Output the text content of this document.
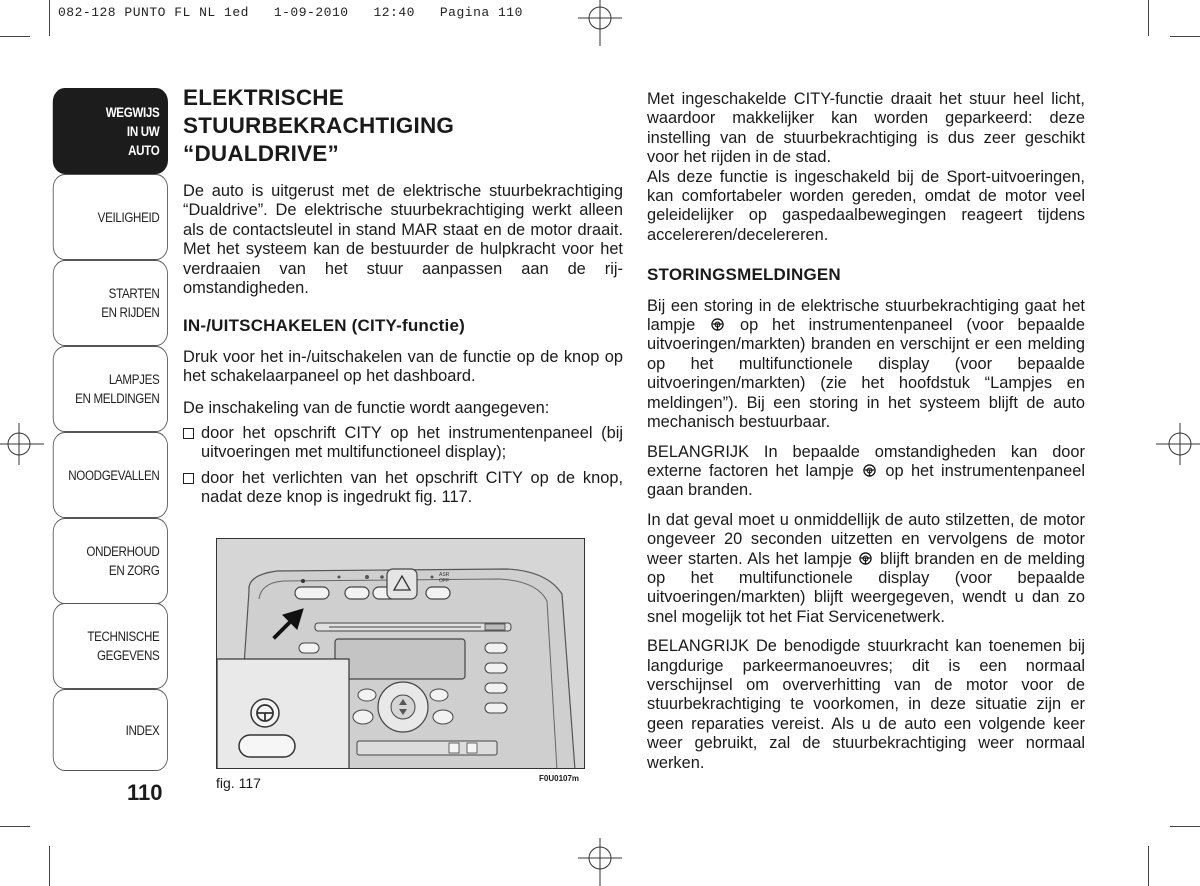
082-128 PUNTO FL NL 1ed   1-09-2010   12:40   Pagina 110
WEGWIJS
IN UW
AUTO
VEILIGHEID
STARTEN
EN RIJDEN
LAMPJES
EN MELDINGEN
NOODGEVALLEN
ONDERHOUD
EN ZORG
TECHNISCHE
GEGEVENS
INDEX
110
ELEKTRISCHE
STUURBEKRACHTIGING
“DUALDRIVE”

De auto is uitgerust met de elektrische stuurbekrachtiging “Dualdrive”. De elektrische stuurbekrachtiging werkt alleen als de contactsleutel in stand MAR staat en de motor draait. Met het systeem kan de bestuurder de hulpkracht voor het verdraaien van het stuur aanpassen aan de rij-omstandigheden.

IN-/UITSCHAKELEN (CITY-functie)

Druk voor het in-/uitschakelen van de functie op de knop op het schakelaarpaneel op het dashboard.

De inschakeling van de functie wordt aangegeven:

door het opschrift CITY op het instrumentenpaneel (bij uitvoeringen met multifunctioneel display);

door het verlichten van het opschrift CITY op de knop, nadat deze knop is ingedrukt fig. 117.

ASR
OFF
fig. 117	F0U0107m

Met ingeschakelde CITY-functie draait het stuur heel licht, waardoor makkelijker kan worden geparkeerd: deze instelling van de stuurbekrachtiging is dus zeer geschikt voor het rijden in de stad.

Als deze functie is ingeschakeld bij de Sport-uitvoeringen, kan comfortabeler worden gereden, omdat de motor veel geleidelijker op gaspedaalbewegingen reageert tijdens accelereren/decelereren.

STORINGSMELDINGEN

Bij een storing in de elektrische stuurbekrachtiging gaat het lampje	op het instrumentenpaneel (voor bepaalde uitvoeringen/markten) branden en verschijnt er een melding op het multifunctionele display (voor bepaalde uitvoeringen/markten) (zie het hoofdstuk “Lampjes en meldingen”). Bij een storing in het systeem blijft de auto mechanisch bestuurbaar.

BELANGRIJK In bepaalde omstandigheden kan door externe factoren het lampje op het instrumentenpaneel gaan branden.

In dat geval moet u onmiddellijk de auto stilzetten, de motor ongeveer 20 seconden uitzetten en vervolgens de motor weer starten. Als het lampje blijft branden en de melding op het multifunctionele display (voor bepaalde uitvoeringen/markten) blijft weergegeven, wendt u dan zo snel mogelijk tot het Fiat Servicenetwerk.

BELANGRIJK De benodigde stuurkracht kan toenemen bij langdurige parkeermanoeuvres; dit is een normaal verschijnsel om oververhitting van de motor voor de stuurbekrachtiging te voorkomen, in deze situatie zijn er geen reparaties vereist. Als u de auto een volgende keer weer gebruikt, zal de stuurbekrachtiging weer normaal werken.
